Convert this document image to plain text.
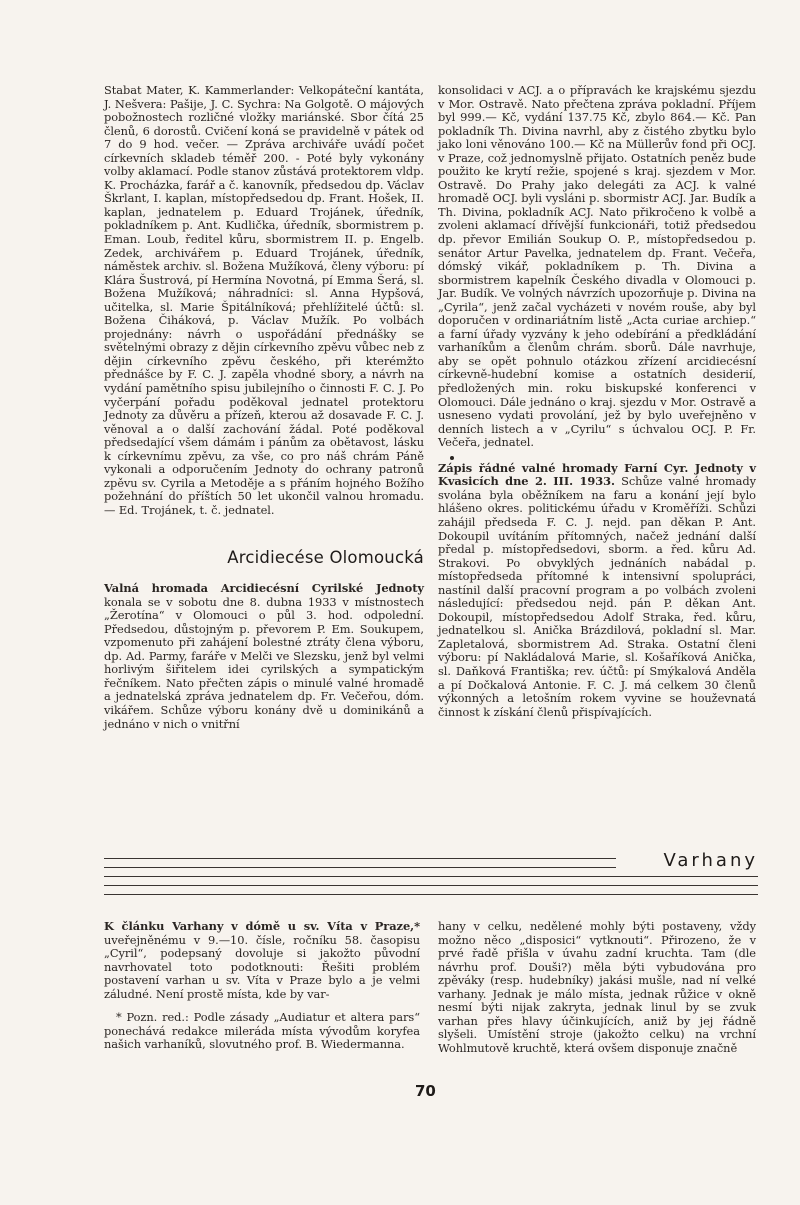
Stabat Mater, K. Kammerlander: Velkopáteční kantáta, J. Nešvera: Pašije, J. C. Sychra: Na Golgotě. O májových pobožnostech rozličné vložky mariánské. Sbor čítá 25 členů, 6 dorostů. Cvičení koná se pravidelně v pátek od 7 do 9 hod. večer. — Zpráva archiváře uvádí počet církevních skladeb téměř 200. - Poté byly vykonány volby aklamací. Podle stanov zůstává protektorem vldp. K. Procházka, farář a č. kanovník, předsedou dp. Václav Škrlant, I. kaplan, místopředsedou dp. Frant. Hošek, II. kaplan, jednatelem p. Eduard Trojánek, úředník, pokladníkem p. Ant. Kudlička, úředník, sbormistrem p. Eman. Loub, ředitel kůru, sbormistrem II. p. Engelb. Zedek, archivářem p. Eduard Trojánek, úředník, náměstek archiv. sl. Božena Mužíková, členy výboru: pí Klára Šustrová, pí Hermína Novotná, pí Emma Šerá, sl. Božena Mužíková; náhradníci: sl. Anna Hypšová, učitelka, sl. Marie Špitálníková; přehlížitelé účtů: sl. Božena Čiháková, p. Václav Mužík. Po volbách projednány: návrh o uspořádání přednášky se světelnými obrazy z dějin církevního zpěvu vůbec neb z dějin církevního zpěvu českého, při kterémžto přednášce by F. C. J. zapěla vhodné sbory, a návrh na vydání pamětního spisu jubilejního o činnosti F. C. J. Po vyčerpání pořadu poděkoval jednatel protektoru Jednoty za důvěru a přízeň, kterou až dosavade F. C. J. věnoval a o další zachování žádal. Poté poděkoval předsedající všem dámám i pánům za obětavost, lásku k církevnímu zpěvu, za vše, co pro náš chrám Páně vykonali a odporučením Jednoty do ochrany patronů zpěvu sv. Cyrila a Metoděje a s přáním hojného Božího požehnání do příštích 50 let ukončil valnou hromadu. — Ed. Trojánek, t. č. jednatel.

Arcidiecése Olomoucká

Valná hromada Arcidiecésní Cyrilské Jednoty konala se v sobotu dne 8. dubna 1933 v místnostech „Žerotína“ v Olomouci o půl 3. hod. odpolední. Předsedou, důstojným p. převorem P. Em. Soukupem, vzpomenuto při zahájení bolestné ztráty člena výboru, dp. Ad. Parmy, faráře v Melči ve Slezsku, jenž byl velmi horlivým šiřitelem idei cyrilských a sympatickým řečníkem. Nato přečten zápis o minulé valné hromadě a jednatelská zpráva jednatelem dp. Fr. Večeřou, dóm. vikářem. Schůze výboru konány dvě u dominikánů a jednáno v nich o vnitřní

konsolidaci v ACJ. a o přípravách ke krajskému sjezdu v Mor. Ostravě. Nato přečtena zpráva pokladní. Příjem byl 999.— Kč, vydání 137.75 Kč, zbylo 864.— Kč. Pan pokladník Th. Divina navrhl, aby z čistého zbytku bylo jako loni věnováno 100.— Kč na Müllerův fond při OCJ. v Praze, což jednomyslně přijato. Ostatních peněz bude použito ke krytí režie, spojené s kraj. sjezdem v Mor. Ostravě. Do Prahy jako delegáti za ACJ. k valné hromadě OCJ. byli vysláni p. sbormistr ACJ. Jar. Budík a Th. Divina, pokladník ACJ. Nato přikročeno k volbě a zvoleni aklamací dřívější funkcionáři, totiž předsedou dp. převor Emilián Soukup O. P., místopředsedou p. senátor Artur Pavelka, jednatelem dp. Frant. Večeřa, dómský vikář, pokladníkem p. Th. Divina a sbormistrem kapelník Českého divadla v Olomouci p. Jar. Budík. Ve volných návrzích upozorňuje p. Divina na „Cyrila“, jenž začal vycházeti v novém rouše, aby byl doporučen v ordinariátním listě „Acta curiae archiep.“ a farní úřady vyzvány k jeho odebírání a předkládání varhaníkům a členům chrám. sborů. Dále navrhuje, aby se opět pohnulo otázkou zřízení arcidiecésní církevně-hudební komise a ostatních desiderií, předložených min. roku biskupské konferenci v Olomouci. Dále jednáno o kraj. sjezdu v Mor. Ostravě a usneseno vydati provolání, jež by bylo uveřejněno v denních listech a v „Cyrilu“ s úchvalou OCJ. P. Fr. Večeřa, jednatel.

Zápis řádné valné hromady Farní Cyr. Jednoty v Kvasicích dne 2. III. 1933. Schůze valné hromady svolána byla oběžníkem na faru a konání její bylo hlášeno okres. politickému úřadu v Kroměříži. Schůzi zahájil předseda F. C. J. nejd. pan děkan P. Ant. Dokoupil uvítáním přítomných, načež jednání další předal p. místopředsedovi, sborm. a řed. kůru Ad. Strakovi. Po obvyklých jednáních nabádal p. místopředseda přítomné k intensivní spolupráci, nastínil další pracovní program a po volbách zvoleni následující: předsedou nejd. pán P. děkan Ant. Dokoupil, místopředsedou Adolf Straka, řed. kůru, jednatelkou sl. Anička Brázdilová, pokladní sl. Mar. Zapletalová, sbormistrem Ad. Straka. Ostatní členi výboru: pí Nakládalová Marie, sl. Košaříková Anička, sl. Daňková Františka; rev. účtů: pí Smýkalová Anděla a pí Dočkalová Antonie. F. C. J. má celkem 30 členů výkonných a letošním rokem vyvine se houževnatá činnost k získání členů přispívajících.

Varhany

K článku Varhany v dómě u sv. Víta v Praze,* uveřejněnému v 9.—10. čísle, ročníku 58. časopisu „Cyril“, podepsaný dovoluje si jakožto původní navrhovatel toto podotknouti: Řešiti problém postavení varhan u sv. Víta v Praze bylo a je velmi záludné. Není prostě místa, kde by var-

* Pozn. red.: Podle zásady „Audiatur et altera pars“ ponechává redakce mileráda místa vývodům koryfea našich varhaníků, slovutného prof. B. Wiedermanna.

hany v celku, nedělené mohly býti postaveny, vždy možno něco „disposici“ vytknouti“. Přirozeno, že v prvé řadě přišla v úvahu zadní kruchta. Tam (dle návrhu prof. Douši?) měla býti vybudována pro zpěváky (resp. hudebníky) jakási mušle, nad ní velké varhany. Jednak je málo místa, jednak růžice v okně nesmí býti nijak zakryta, jednak linul by se zvuk varhan přes hlavy účinkujících, aniž by jej řádně slyšeli. Umístění stroje (jakožto celku) na vrchní Wohlmutově kruchtě, která ovšem disponuje značně

70
